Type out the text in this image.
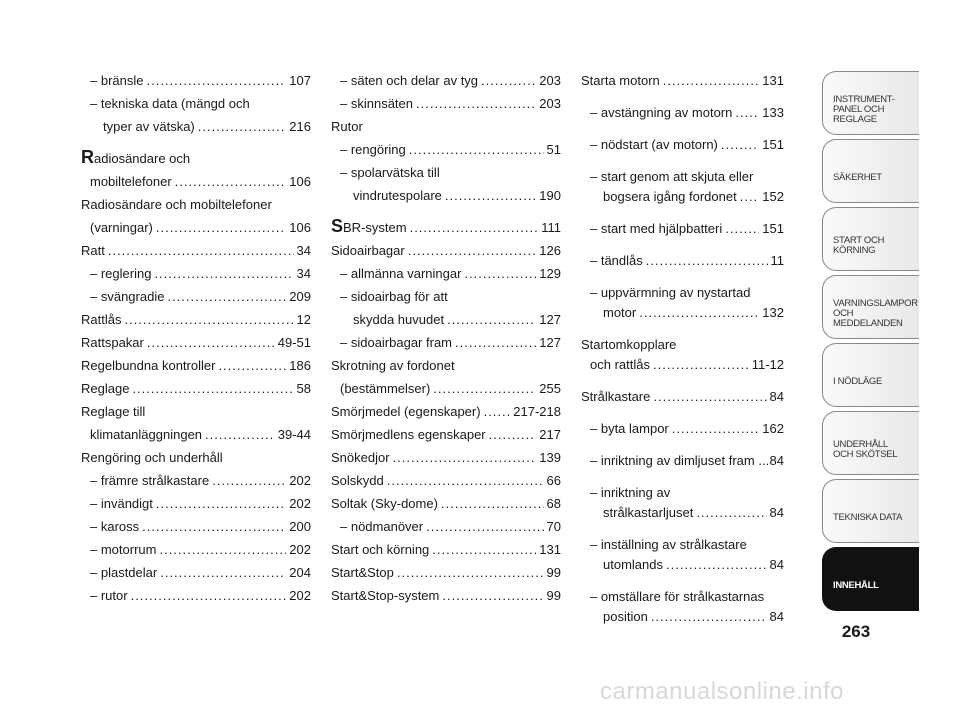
– bränsle .....	107
– tekniska data (mängd och
typer av vätska) .....	216
Radiosändare och
mobiltelefoner .....	106
Radiosändare och mobiltelefoner
(varningar) .....	106
Ratt .....	34
– reglering .....	34
– svängradie .....	209
Rattlås .....	12
Rattspakar .....	49-51
Regelbundna kontroller .....	186
Reglage .....	58
Reglage till
klimatanläggningen .....	39-44
Rengöring och underhåll
– främre strålkastare .....	202
– invändigt .....	202
– kaross .....	200
– motorrum .....	202
– plastdelar .....	204
– rutor .....	202
– säten och delar av tyg .....	203
– skinnsäten .....	203
Rutor
– rengöring .....	51
– spolarvätska till
vindrutespolare .....	190
SBR-system .....	111
Sidoairbagar .....	126
– allmänna varningar .....	129
– sidoairbag för att
skydda huvudet .....	127
– sidoairbagar fram .....	127
Skrotning av fordonet
(bestämmelser) .....	255
Smörjmedel (egenskaper) .....	217-218
Smörjmedlens egenskaper .....	217
Snökedjor .....	139
Solskydd .....	66
Soltak (Sky-dome) .....	68
– nödmanöver .....	70
Start och körning .....	131
Start&Stop .....	99
Start&Stop-system .....	99
Starta motorn .....	131
– avstängning av motorn ..... 133
– nödstart (av motorn) .....	151
– start genom att skjuta eller
bogsera igång fordonet ..... 152
– start med hjälpbatteri .....	151
– tändlås .....	11
– uppvärmning av nystartad
motor .....	132
Startomkopplare
och rattlås .....	11-12
Strålkastare .....	84
– byta lampor .....	162
– inriktning av dimljuset fram ... 84
– inriktning av
strålkastarljuset .....	84
– inställning av strålkastare
utomlands .....	84
– omställare för strålkastarnas
position .....	84
INSTRUMENT-
PANEL OCH
REGLAGE
SÄKERHET
START OCH
KÖRNING
VARNINGSLAMPOR
OCH
MEDDELANDEN
I NÖDLÄGE
UNDERHÅLL
OCH SKÖTSEL
TEKNISKA DATA
INNEHÅLL
263
carmanualsonline.info
